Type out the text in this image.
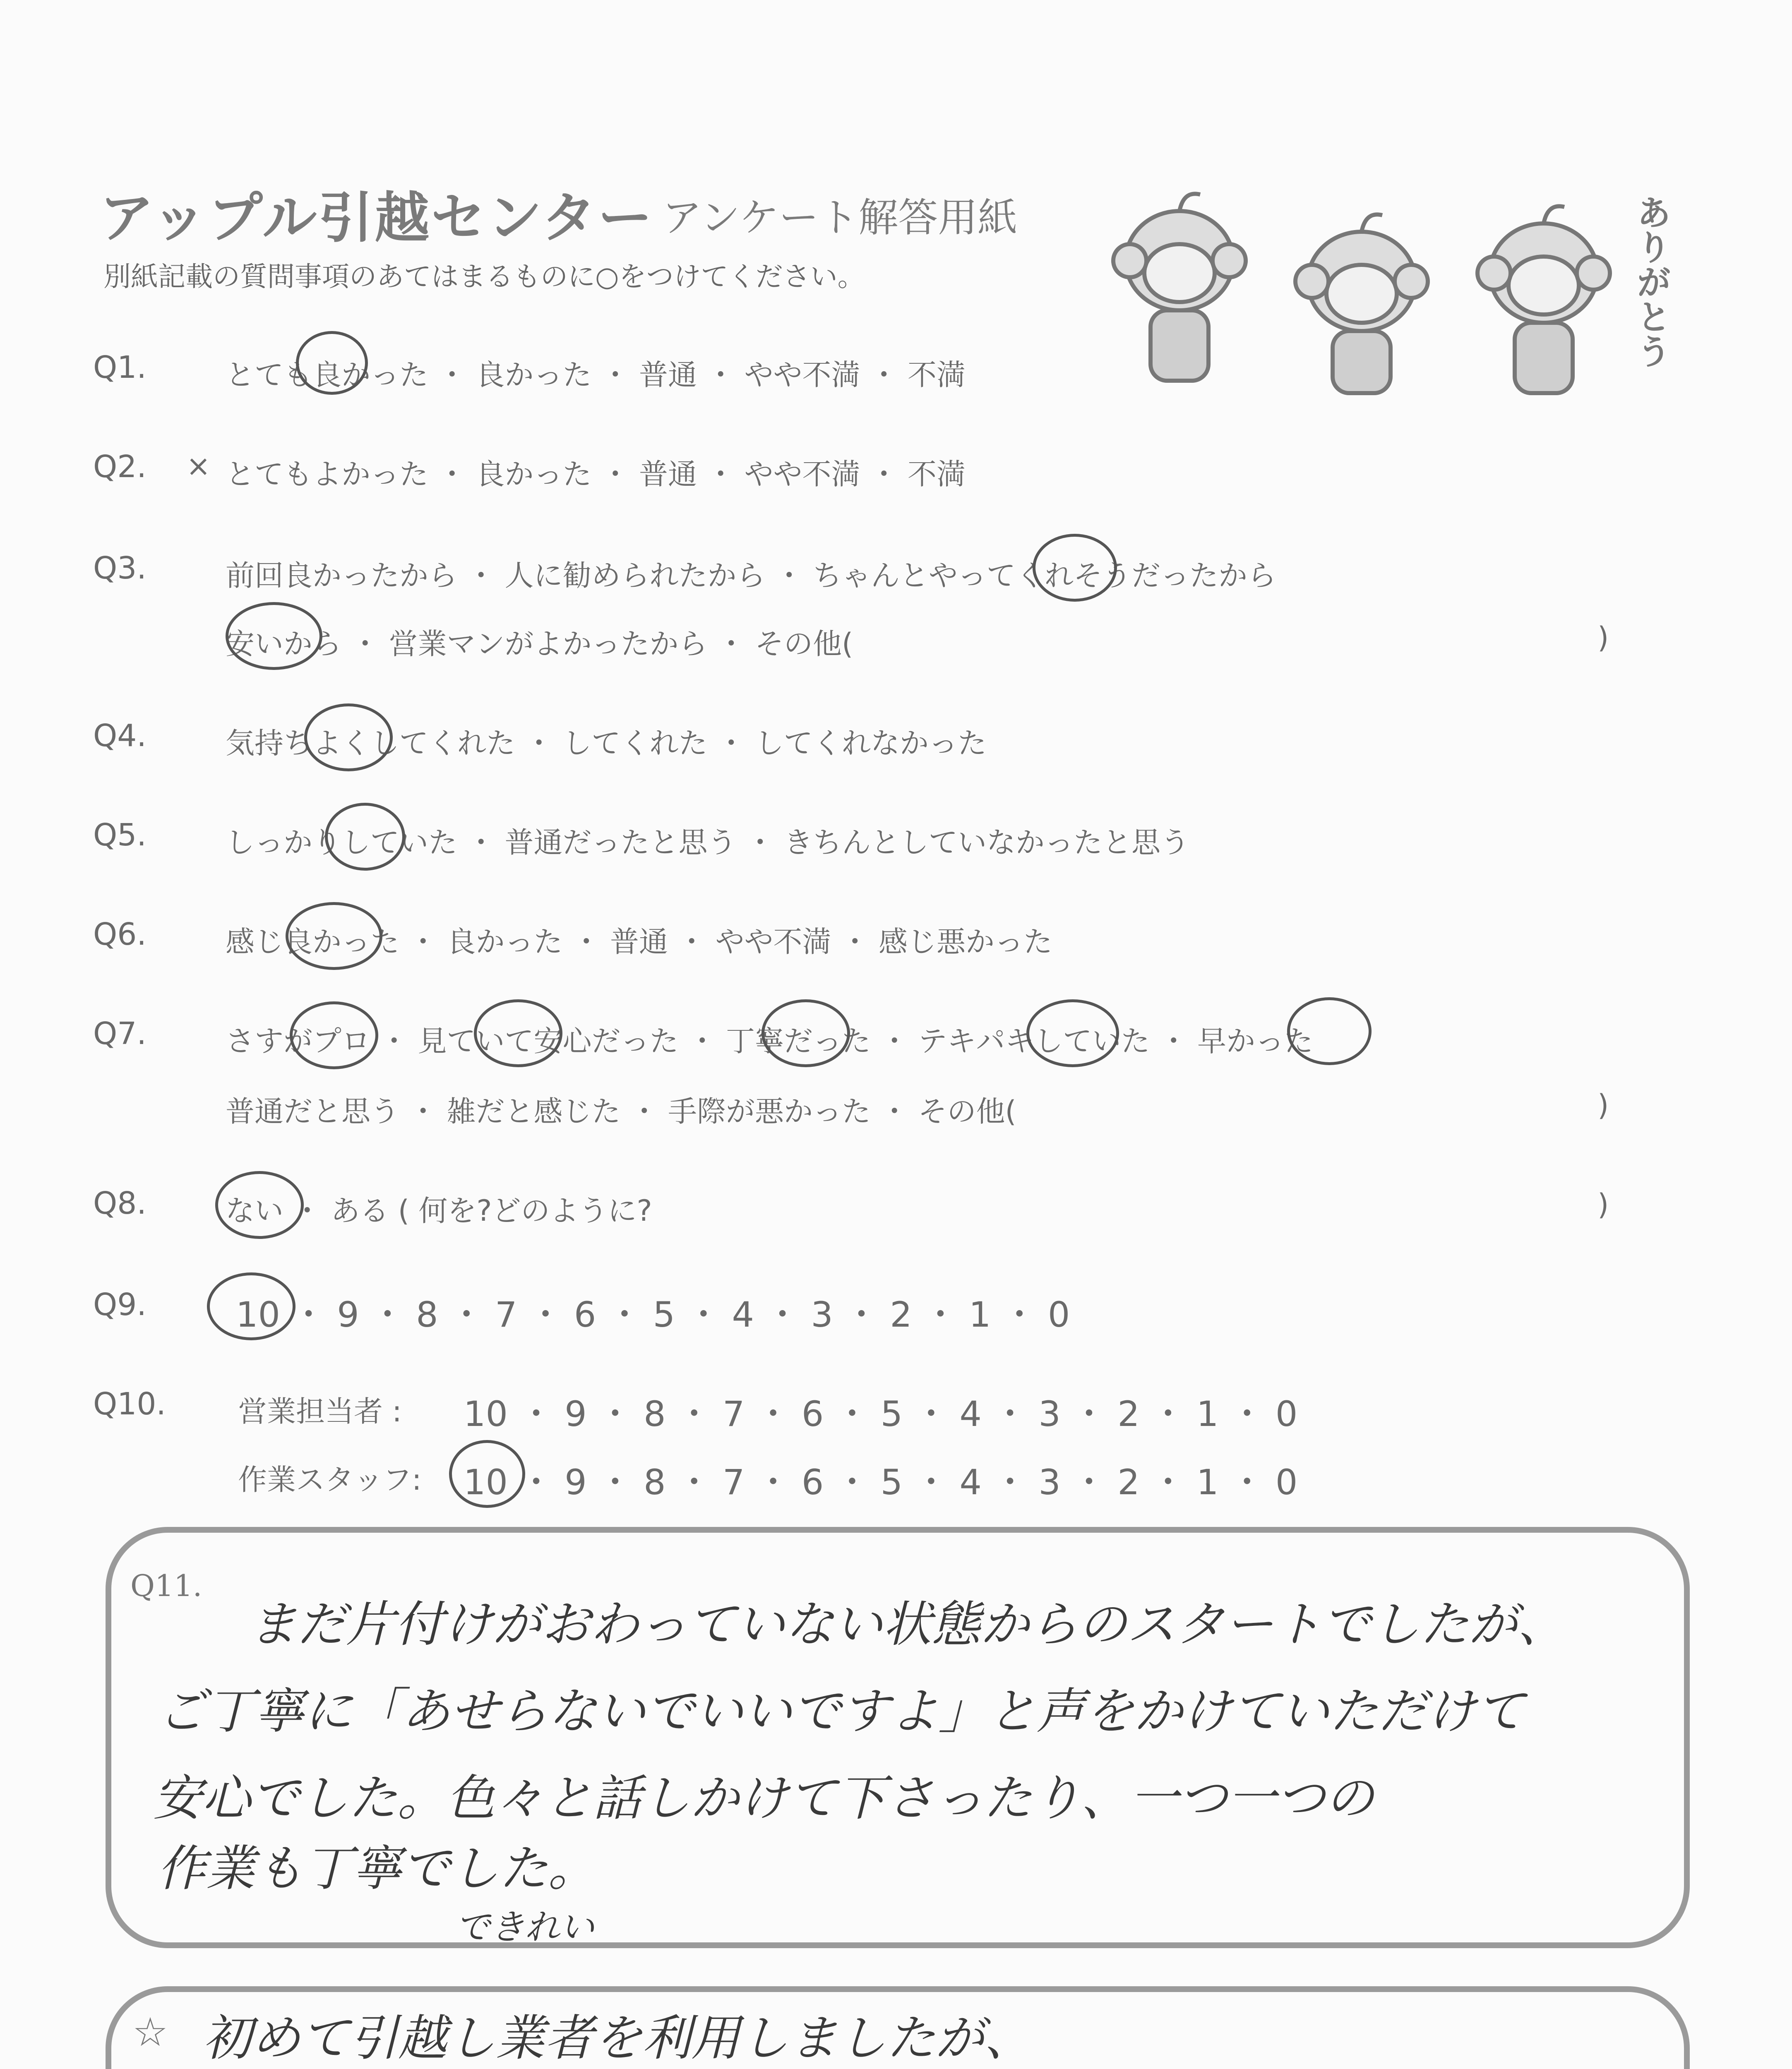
アップル引越センター アンケート解答用紙
別紙記載の質問事項のあてはまるものに○をつけてください。	ありがとう
Q1.	とても良かった ・ 良かった ・ 普通 ・ やや不満 ・ 不満
Q2. × とてもよかった ・ 良かった ・ 普通 ・ やや不満 ・ 不満
Q3.	前回良かったから ・ 人に勧められたから ・ ちゃんとやってくれそうだったから
安いから ・ 営業マンがよかったから ・ その他(	)
Q4.	気持ちよくしてくれた ・ してくれた ・ してくれなかった
Q5.	しっかりしていた ・ 普通だったと思う ・ きちんとしていなかったと思う
Q6.	感じ良かった ・ 良かった ・ 普通 ・ やや不満 ・ 感じ悪かった
Q7.	さすがプロ ・ 見ていて安心だった ・ 丁寧だった ・ テキパキしていた ・ 早かった
普通だと思う ・ 雑だと感じた ・ 手際が悪かった ・ その他(	)
Q8.	ない ・ ある ( 何を?どのように?	)
Q9.	10 ・ 9 ・ 8 ・ 7 ・ 6 ・ 5 ・ 4 ・ 3 ・ 2 ・ 1 ・ 0
Q10. 営業担当者 : 10 ・ 9 ・ 8 ・ 7 ・ 6 ・ 5 ・ 4 ・ 3 ・ 2 ・ 1 ・ 0
作業スタッフ: 10 ・ 9 ・ 8 ・ 7 ・ 6 ・ 5 ・ 4 ・ 3 ・ 2 ・ 1 ・ 0
Q11.
まだ片付けがおわっていない状態からのスタートでしたが、
ご丁寧に「あせらないでいいですよ」と声をかけていただけて
安心でした。色々と話しかけて下さったり、一つ一つの
作業も丁寧でした。
できれい
☆ 初めて引越し業者を利用しましたが、
